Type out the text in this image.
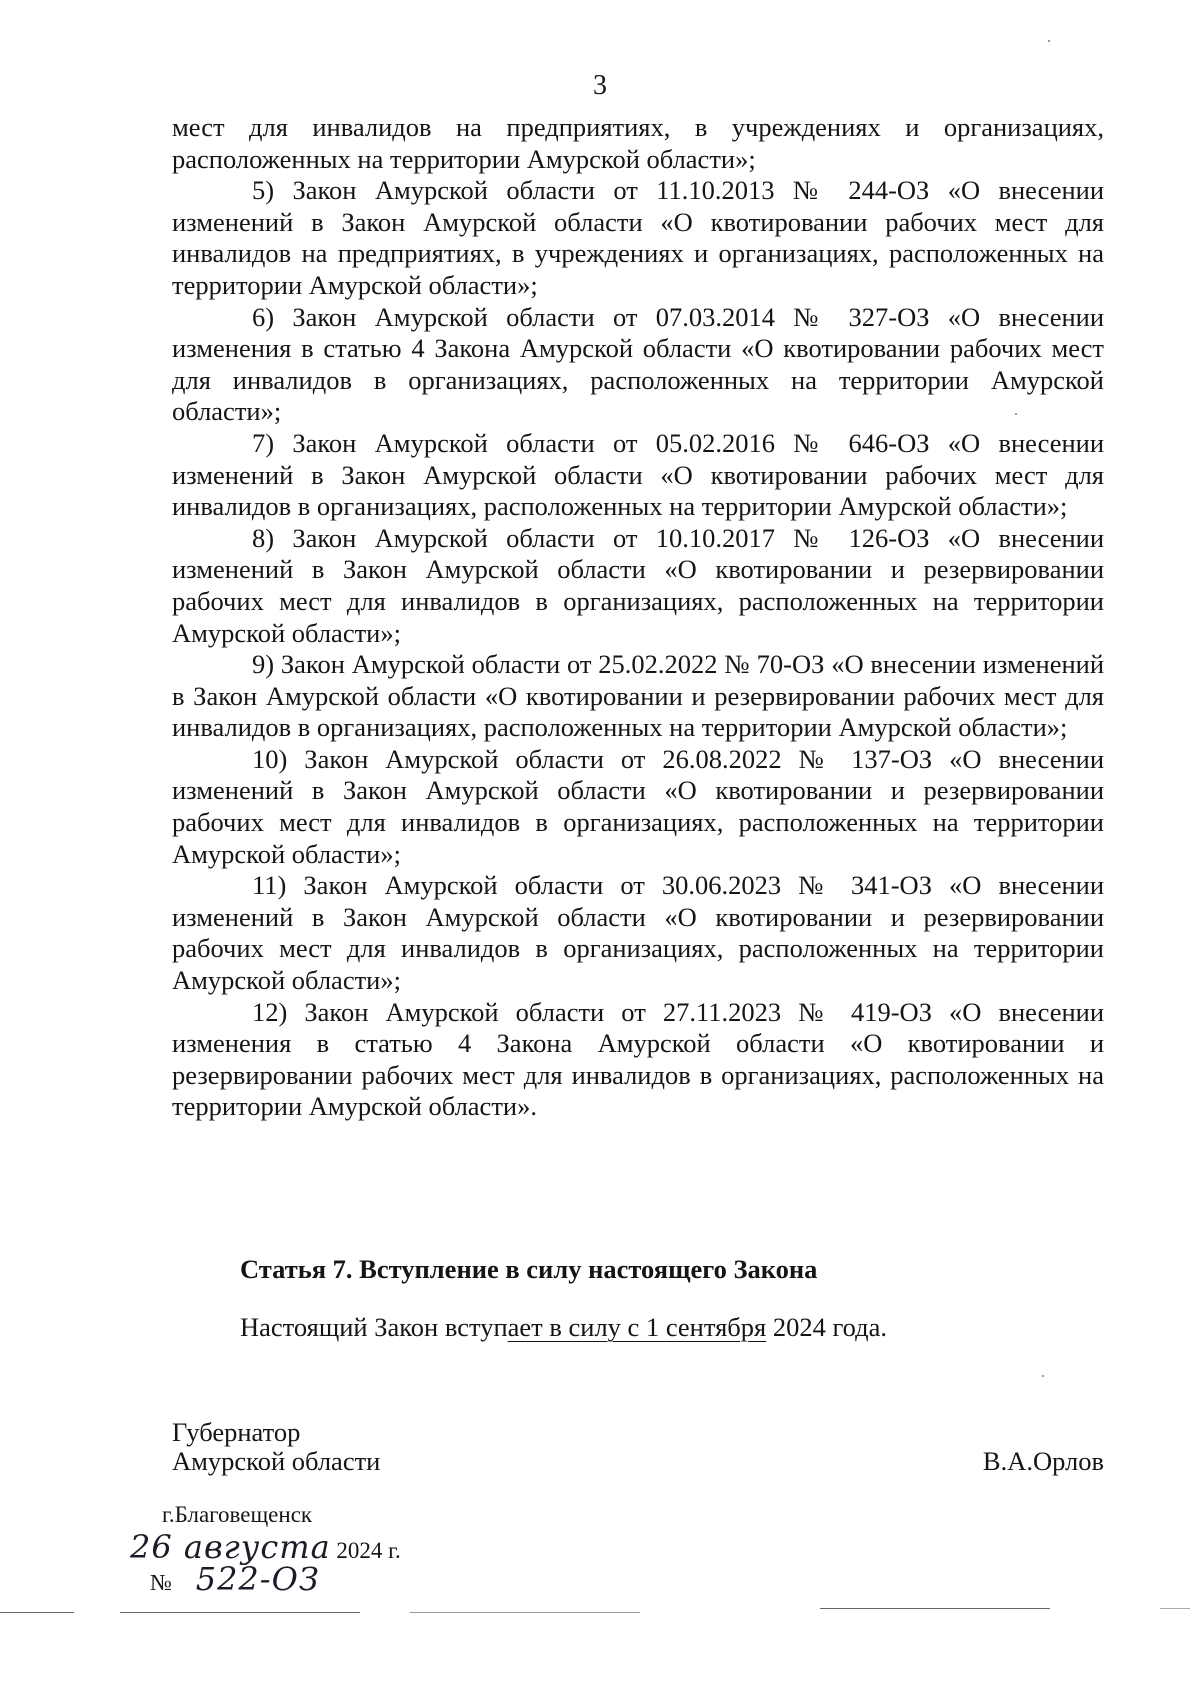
3

мест для инвалидов на предприятиях, в учреждениях и организациях, расположенных на территории Амурской области»;

5) Закон Амурской области от 11.10.2013 № 244-ОЗ «О внесении изменений в Закон Амурской области «О квотировании рабочих мест для инвалидов на предприятиях, в учреждениях и организациях, расположенных на территории Амурской области»;

6) Закон Амурской области от 07.03.2014 № 327-ОЗ «О внесении изменения в статью 4 Закона Амурской области «О квотировании рабочих мест для инвалидов в организациях, расположенных на территории Амурской области»;

7) Закон Амурской области от 05.02.2016 № 646-ОЗ «О внесении изменений в Закон Амурской области «О квотировании рабочих мест для инвалидов в организациях, расположенных на территории Амурской области»;

8) Закон Амурской области от 10.10.2017 № 126-ОЗ «О внесении изменений в Закон Амурской области «О квотировании и резервировании рабочих мест для инвалидов в организациях, расположенных на территории Амурской области»;

9) Закон Амурской области от 25.02.2022 № 70-ОЗ «О внесении изменений в Закон Амурской области «О квотировании и резервировании рабочих мест для инвалидов в организациях, расположенных на территории Амурской области»;

10) Закон Амурской области от 26.08.2022 № 137-ОЗ «О внесении изменений в Закон Амурской области «О квотировании и резервировании рабочих мест для инвалидов в организациях, расположенных на территории Амурской области»;

11) Закон Амурской области от 30.06.2023 № 341-ОЗ «О внесении изменений в Закон Амурской области «О квотировании и резервировании рабочих мест для инвалидов в организациях, расположенных на территории Амурской области»;

12) Закон Амурской области от 27.11.2023 № 419-ОЗ «О внесении изменения в статью 4 Закона Амурской области «О квотировании и резервировании рабочих мест для инвалидов в организациях, расположенных на территории Амурской области».

Статья 7. Вступление в силу настоящего Закона
Настоящий Закон вступает в силу с 1 сентября 2024 года.
Губернатор
Амурской области	В.А.Орлов
г.Благовещенск
26 августа 2024 г.
№ 522-ОЗ
